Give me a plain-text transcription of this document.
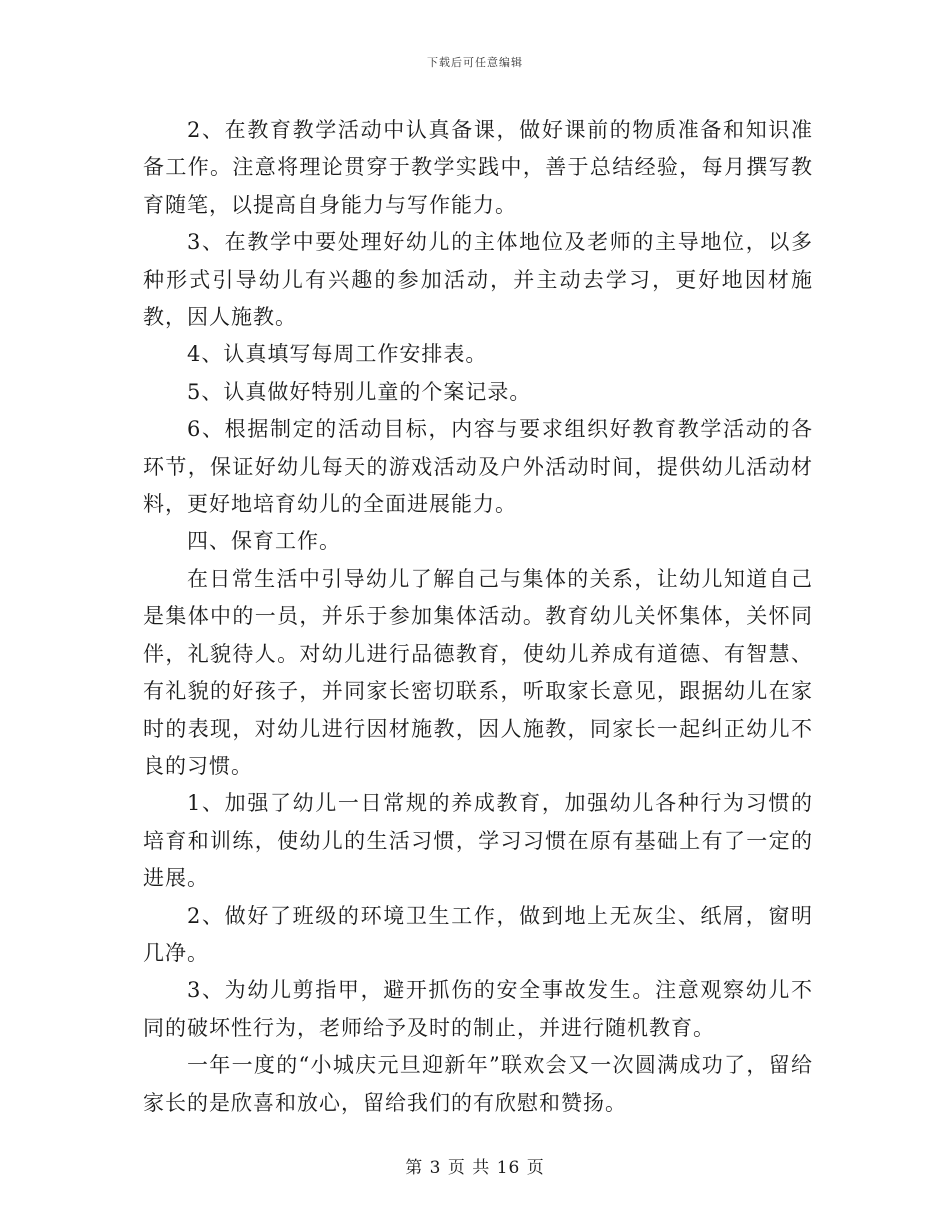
下载后可任意编辑

2、在教育教学活动中认真备课，做好课前的物质准备和知识准备工作。注意将理论贯穿于教学实践中，善于总结经验，每月撰写教育随笔，以提高自身能力与写作能力。

3、在教学中要处理好幼儿的主体地位及老师的主导地位，以多种形式引导幼儿有兴趣的参加活动，并主动去学习，更好地因材施教，因人施教。

4、认真填写每周工作安排表。

5、认真做好特别儿童的个案记录。

6、根据制定的活动目标，内容与要求组织好教育教学活动的各环节，保证好幼儿每天的游戏活动及户外活动时间，提供幼儿活动材料，更好地培育幼儿的全面进展能力。

四、保育工作。

在日常生活中引导幼儿了解自己与集体的关系，让幼儿知道自己是集体中的一员，并乐于参加集体活动。教育幼儿关怀集体，关怀同伴，礼貌待人。对幼儿进行品德教育，使幼儿养成有道德、有智慧、有礼貌的好孩子，并同家长密切联系，听取家长意见，跟据幼儿在家时的表现，对幼儿进行因材施教，因人施教，同家长一起纠正幼儿不良的习惯。

1、加强了幼儿一日常规的养成教育，加强幼儿各种行为习惯的培育和训练，使幼儿的生活习惯，学习习惯在原有基础上有了一定的进展。

2、做好了班级的环境卫生工作，做到地上无灰尘、纸屑，窗明几净。

3、为幼儿剪指甲，避开抓伤的安全事故发生。注意观察幼儿不同的破坏性行为，老师给予及时的制止，并进行随机教育。

一年一度的“小城庆元旦迎新年”联欢会又一次圆满成功了，留给家长的是欣喜和放心，留给我们的有欣慰和赞扬。

第 3 页 共 16 页
